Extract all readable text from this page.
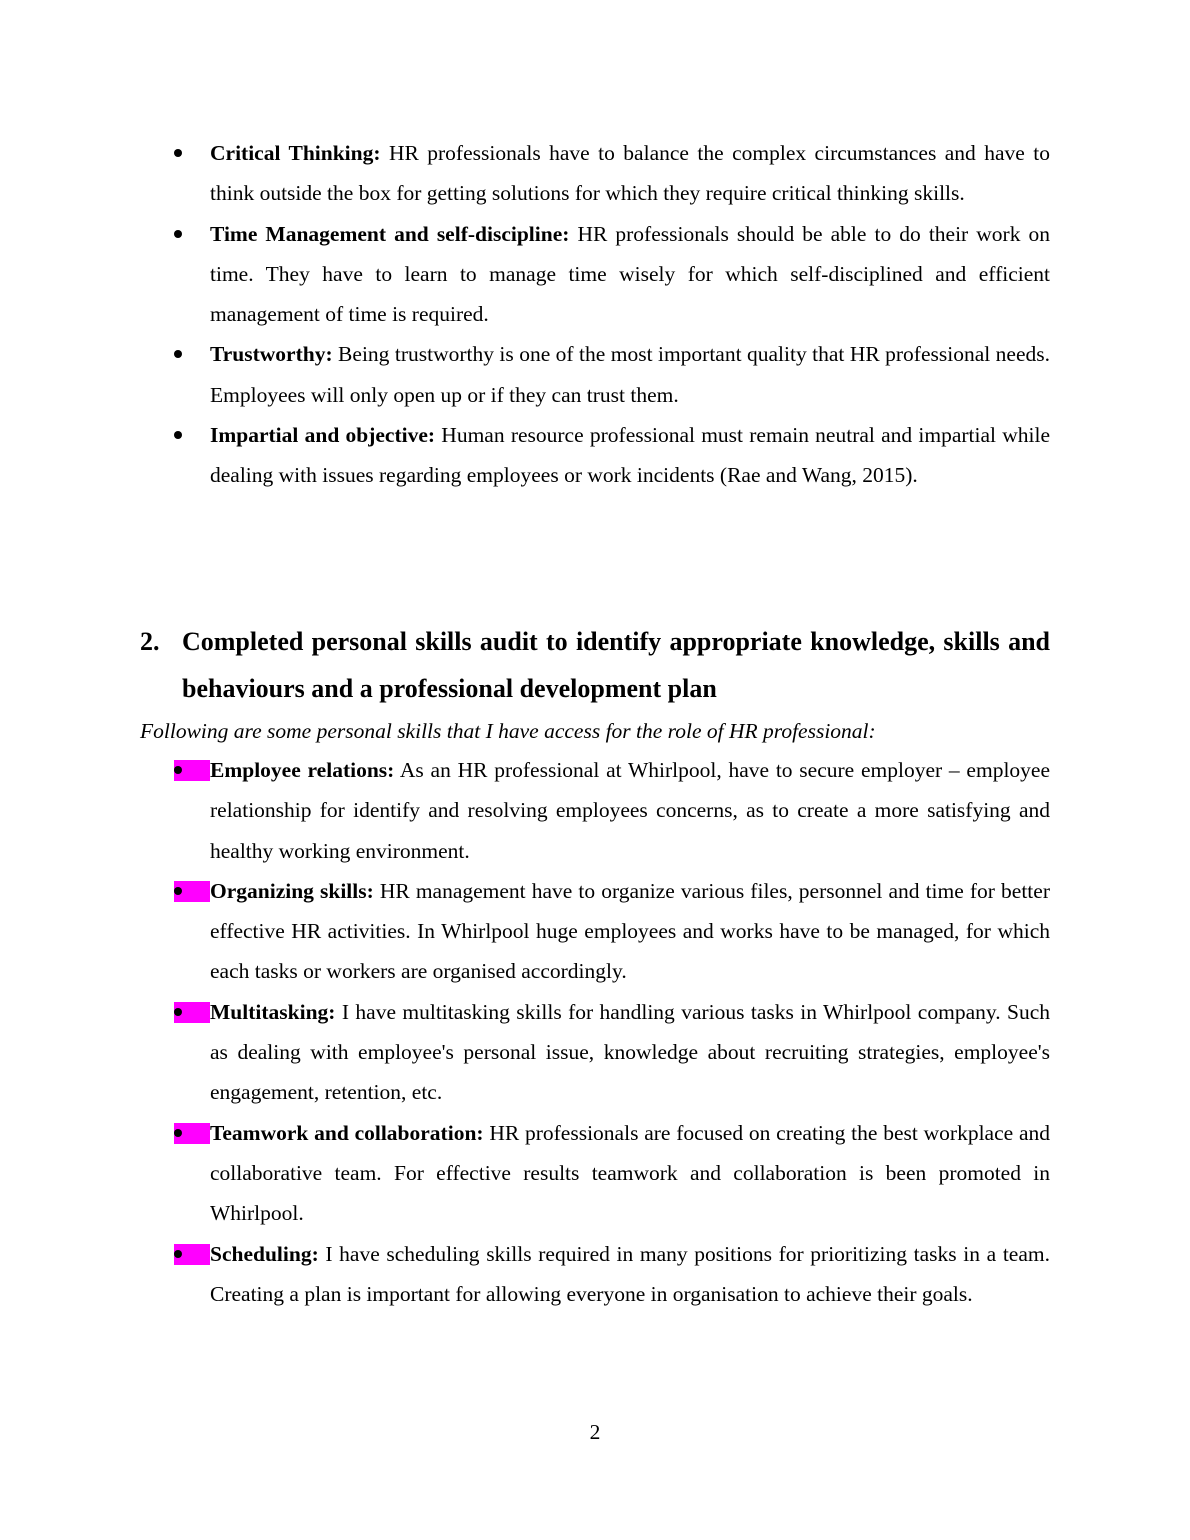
Critical Thinking: HR professionals have to balance the complex circumstances and have to think outside the box for getting solutions for which they require critical thinking skills.
Time Management and self-discipline: HR professionals should be able to do their work on time. They have to learn to manage time wisely for which self-disciplined and efficient management of time is required.
Trustworthy: Being trustworthy is one of the most important quality that HR professional needs. Employees will only open up or if they can trust them.
Impartial and objective: Human resource professional must remain neutral and impartial while dealing with issues regarding employees or work incidents (Rae and Wang, 2015).
2. Completed personal skills audit to identify appropriate knowledge, skills and behaviours and a professional development plan
Following are some personal skills that I have access for the role of HR professional:
Employee relations: As an HR professional at Whirlpool, have to secure employer – employee relationship for identify and resolving employees concerns, as to create a more satisfying and healthy working environment.
Organizing skills: HR management have to organize various files, personnel and time for better effective HR activities. In Whirlpool huge employees and works have to be managed, for which each tasks or workers are organised accordingly.
Multitasking: I have multitasking skills for handling various tasks in Whirlpool company. Such as dealing with employee's personal issue, knowledge about recruiting strategies, employee's engagement, retention, etc.
Teamwork and collaboration: HR professionals are focused on creating the best workplace and collaborative team. For effective results teamwork and collaboration is been promoted in Whirlpool.
Scheduling: I have scheduling skills required in many positions for prioritizing tasks in a team. Creating a plan is important for allowing everyone in organisation to achieve their goals.
2
